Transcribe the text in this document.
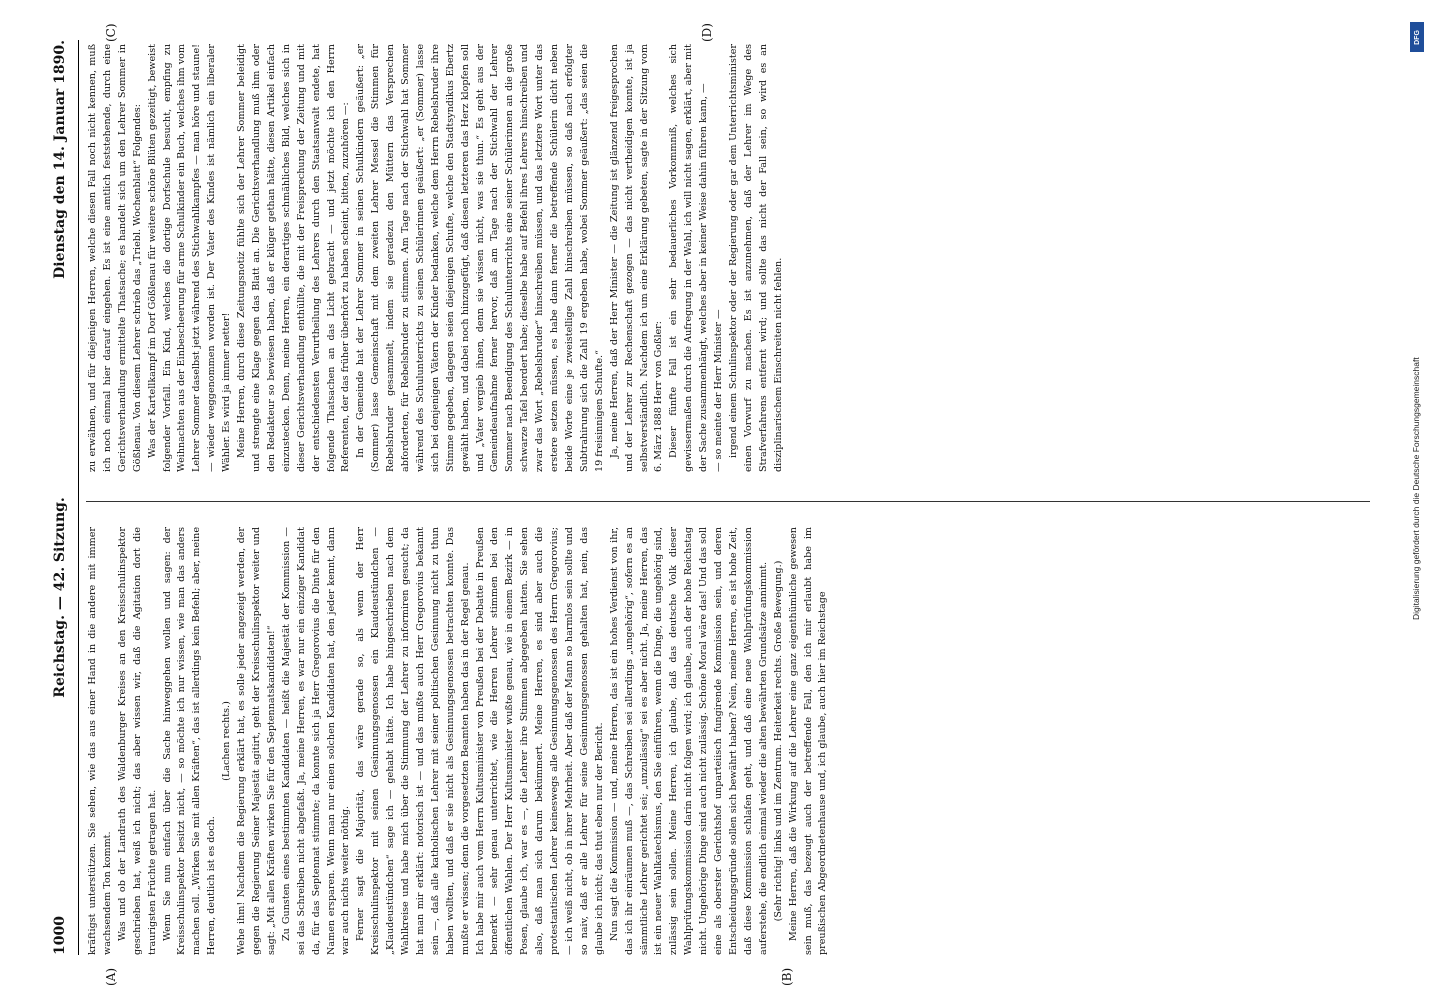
1000
Reichstag. — 42. Sitzung.
Dienstag den 14. Januar 1890.
(A)	(B)
(C)	(D)

kräftigst unterstützen. Sie sehen, wie das aus einer Hand in die andere mit immer wachsendem Ton kommt. Was und ob der Landrath des Waldenburger Kreises an den Kreisschulinspektor geschrieben hat, weiß ich nicht; das aber wissen wir, daß die Agitation dort die traurigsten Früchte getragen hat. Wenn Sie nun einfach über die Sache hinweggehen wollen und sagen: der Kreisschulinspektor besitzt nicht, — so möchte ich nur wissen, wie man das anders machen soll. „Wirken Sie mit allen Kräften“, das ist allerdings kein Befehl; aber, meine Herren, deutlich ist es doch.

(Lachen rechts.) Wehe ihm! Nachdem die Regierung erklärt hat, es solle jeder angezeigt werden, der gegen die Regierung Seiner Majestät agitirt, geht der Kreisschulinspektor weiter und sagt: „Mit allen Kräften wirken Sie für den Septennatskandidaten!“ Zu Gunsten eines bestimmten Kandidaten — heißt die Majestät der Kommission — sei das Schreiben nicht abgefaßt. Ja, meine Herren, es war nur ein einziger Kandidat da, für das Septennat stimmte; da konnte sich ja Herr Gregorovius die Dinte für den Namen ersparen. Wenn man nur einen solchen Kandidaten hat, den jeder kennt, dann war auch nichts weiter nöthig. Ferner sagt die Majorität, das wäre gerade so, als wenn der Herr Kreisschulinspektor mit seinen Gesinnungsgenossen ein Klaudeustündchen — „Klaudeustündchen“ sage ich — gehabt hätte. Ich habe hingeschrieben nach dem Wahlkreise und habe mich über die Stimmung der Lehrer zu informiren gesucht; da hat man mir erklärt: notorisch ist — und das mußte auch Herr Gregorovius bekannt sein —, daß alle katholischen Lehrer mit seiner politischen Gesinnung nicht zu thun haben wollten, und daß er sie nicht als Gesinnungsgenossen betrachten konnte. Das mußte er wissen; denn die vorgesetzten Beamten haben das in der Regel genau. Ich habe mir auch vom Herrn Kultusminister von Preußen bei der Debatte in Preußen bemerkt — sehr genau unterrichtet, wie die Herren Lehrer stimmen bei den öffentlichen Wahlen. Der Herr Kultusminister wußte genau, wie in einem Bezirk — in Posen, glaube ich, war es —, die Lehrer ihre Stimmen abgegeben hatten. Sie sehen also, daß man sich darum bekümmert. Meine Herren, es sind aber auch die protestantischen Lehrer keineswegs alle Gesinnungsgenossen des Herrn Gregorovius; — ich weiß nicht, ob in ihrer Mehrheit. Aber daß der Mann so harmlos sein sollte und so naiv, daß er alle Lehrer für seine Gesinnungsgenossen gehalten hat, nein, das glaube ich nicht; das thut eben nur der Bericht. Nun sagt die Kommission — und, meine Herren, das ist ein hohes Verdienst von ihr, das ich ihr einräumen muß —, das Schreiben sei allerdings „ungehörig“, sofern es an sämmtliche Lehrer gerichtet sei; „unzulässig“ sei es aber nicht. Ja, meine Herren, das ist ein neuer Wahlkatechismus, den Sie einführen, wenn die Dinge, die ungehörig sind, zulässig sein sollen. Meine Herren, ich glaube, daß das deutsche Volk dieser Wahlprüfungskommission darin nicht folgen wird; ich glaube, auch der hohe Reichstag nicht. Ungehörige Dinge sind auch nicht zulässig. Schöne Moral wäre das! Und das soll eine als oberster Gerichtshof unparteiisch fungirende Kommission sein, und deren Entscheidungsgründe sollen sich bewährt haben? Nein, meine Herren, es ist hohe Zeit, daß diese Kommission schlafen geht, und daß eine neue Wahlprüfungskommission auferstehe, die endlich einmal wieder die alten bewährten Grundsätze annimmt. (Sehr richtig! links und im Zentrum. Heiterkeit rechts. Große Bewegung.) Meine Herren, daß die Wirkung auf die Lehrer eine ganz eigenthümliche gewesen sein muß, das bezeugt auch der betreffende Fall, den ich mir erlaubt habe im preußischen Abgeordnetenhause und, ich glaube, auch hier im Reichstage

zu erwähnen, und für diejenigen Herren, welche diesen Fall noch nicht kennen, muß ich noch einmal hier darauf eingehen. Es ist eine amtlich feststehende, durch eine Gerichtsverhandlung ermittelte Thatsache; es handelt sich um den Lehrer Sommer in Gößlenau. Von diesem Lehrer schrieb das „Triebl. Wochenblatt“ Folgendes: Was der Kartellkampf im Dorf Gößlenau für weitere schöne Blüten gezeitigt, beweist folgender Vorfall. Ein Kind, welches die dortige Dorfschule besucht, empfing zu Weihnachten aus der Einbescheerung für arme Schulkinder ein Buch, welches ihm vom Lehrer Sommer daselbst jetzt während des Stichwahlkampfes — man höre und staune! — wieder weggenommen worden ist. Der Vater des Kindes ist nämlich ein liberaler Wähler. Es wird ja immer netter! Meine Herren, durch diese Zeitungsnotiz fühlte sich der Lehrer Sommer beleidigt und strengte eine Klage gegen das Blatt an. Die Gerichtsverhandlung muß ihm oder den Redakteur so bewiesen haben, daß er klüger gethan hätte, diesen Artikel einfach einzustecken. Denn, meine Herren, ein derartiges schmähliches Bild, welches sich in dieser Gerichtsverhandlung enthüllte, die mit der Freisprechung der Zeitung und mit der entschiedensten Verurtheilung des Lehrers durch den Staatsanwalt endete, hat folgende Thatsachen an das Licht gebracht — und jetzt möchte ich den Herrn Referenten, der das früher überhört zu haben scheint, bitten, zuzuhören —: In der Gemeinde hat der Lehrer Sommer in seinen Schulkindern geäußert: „er (Sommer) lasse Gemeinschaft mit dem zweiten Lehrer Messel die Stimmen für Rebelsbruder gesammelt, indem sie geradezu den Müttern das Versprechen abforderten, für Rebelsbruder zu stimmen. Am Tage nach der Stichwahl hat Sommer während des Schulunterrichts zu seinen Schülerinnen geäußert: „er (Sommer) lasse sich bei denjenigen Vätern der Kinder bedanken, welche dem Herrn Rebelsbruder ihre Stimme gegeben, dagegen seien diejenigen Schufte, welche den Stadtsyndikus Ebertz gewählt haben, und dabei noch hinzugefügt, daß diesen letzteren das Herz klopfen soll und „Vater vergieb ihnen, denn sie wissen nicht, was sie thun.“ Es geht aus der Gemeindeaufnahme ferner hervor, daß am Tage nach der Stichwahl der Lehrer Sommer nach Beendigung des Schulunterrichts eine seiner Schülerinnen an die große schwarze Tafel beordert habe; dieselbe habe auf Befehl ihres Lehrers hinschreiben und zwar das Wort „Rebelsbruder“ hinschreiben müssen, und das letztere Wort unter das erstere setzen müssen, es habe dann ferner die betreffende Schülerin dicht neben beide Worte eine je zweistellige Zahl hinschreiben müssen, so daß nach erfolgter Subtrahirung sich die Zahl 19 ergeben habe, wobei Sommer geäußert: „das seien die 19 freisinnigen Schufte.“ Ja, meine Herren, daß der Herr Minister — die Zeitung ist glänzend freigesprochen und der Lehrer zur Rechenschaft gezogen — das nicht vertheidigen konnte, ist ja selbstverständlich. Nachdem ich um eine Erklärung gebeten, sagte in der Sitzung vom 6. März 1888 Herr von Goßler: Dieser fünfte Fall ist ein sehr bedauerliches Vorkommniß, welches sich gewissermaßen durch die Aufregung in der Wahl, ich will nicht sagen, erklärt, aber mit der Sache zusammenhängt, welches aber in keiner Weise dahin führen kann, — — so meinte der Herr Minister — irgend einem Schulinspektor oder der Regierung oder gar dem Unterrichtsminister einen Vorwurf zu machen. Es ist anzunehmen, daß der Lehrer im Wege des Strafverfahrens entfernt wird; und sollte das nicht der Fall sein, so wird es an disziplinarischem Einschreiten nicht fehlen.

DFG
Digitalisierung gefördert durch die Deutsche Forschungsgemeinschaft
